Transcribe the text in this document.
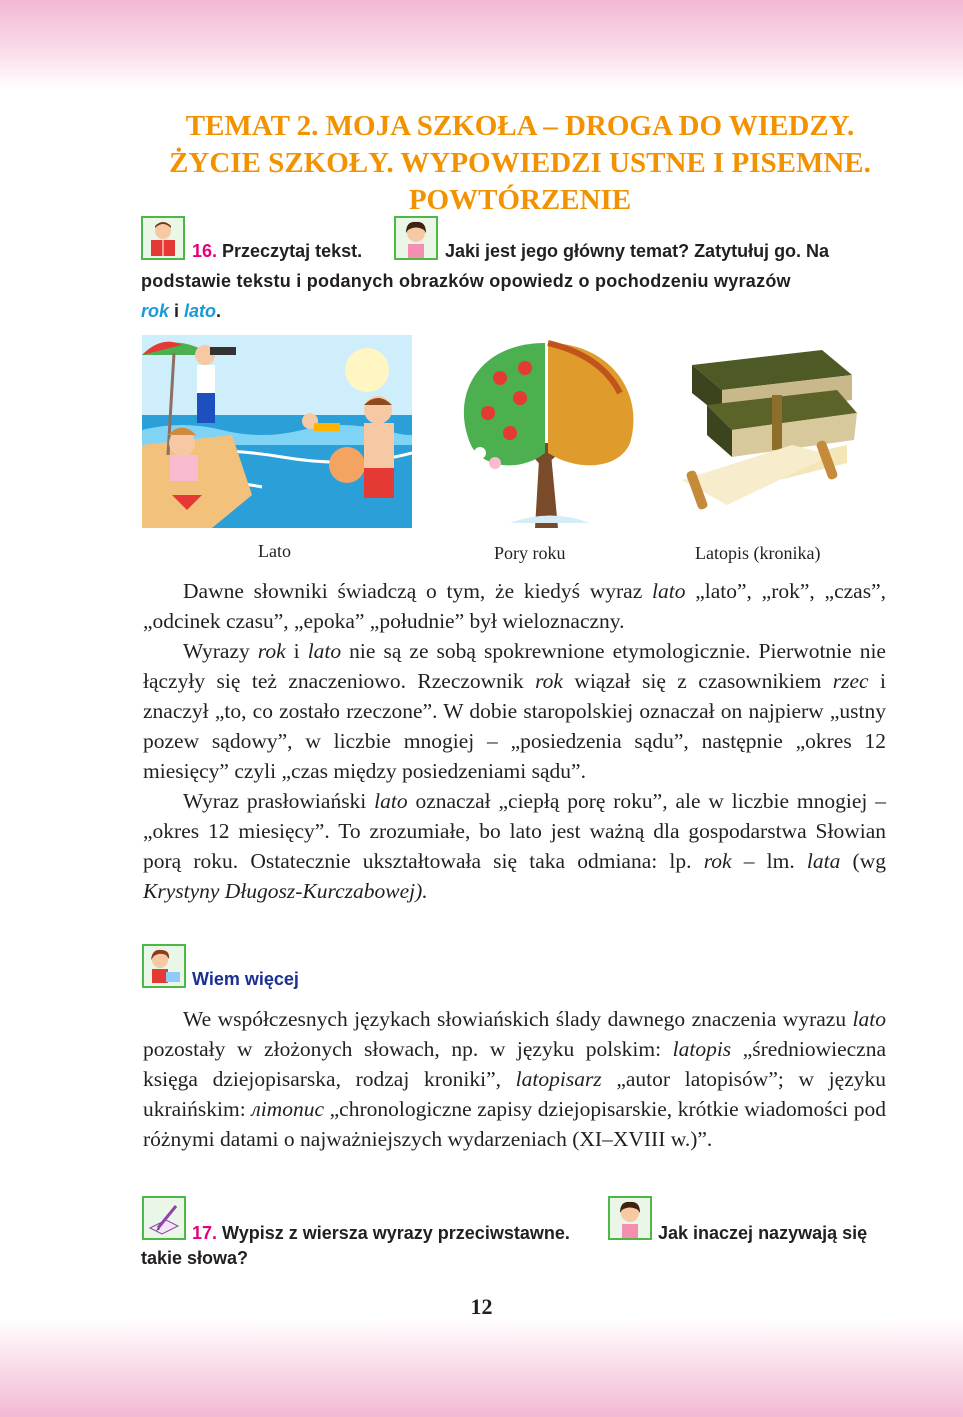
TEMAT 2. MOJA SZKOŁA – DROGA DO WIEDZY.
ŻYCIE SZKOŁY. WYPOWIEDZI USTNE I PISEMNE.
POWTÓRZENIE
16. Przeczytaj tekst.	Jaki jest jego główny temat? Zatytułuj go. Na
podstawie tekstu i podanych obrazków opowiedz o pochodzeniu wyrazów
rok i lato.
Lato	Pory roku	Latopis (kronika)

Dawne słowniki świadczą o tym, że kiedyś wyraz lato „lato”, „rok”, „czas”, „odcinek czasu”, „epoka” „południe” był wieloznaczny.

Wyrazy rok i lato nie są ze sobą spokrewnione etymologicznie. Pierwotnie nie łączyły się też znaczeniowo. Rzeczownik rok wiązał się z czasownikiem rzec i znaczył „to, co zostało rzeczone”. W dobie staropolskiej oznaczał on najpierw „ustny pozew sądowy”, w liczbie mnogiej – „posiedzenia sądu”, następnie „okres 12 miesięcy” czyli „czas między posiedzeniami sądu”.

Wyraz prasłowiański lato oznaczał „ciepłą porę roku”, ale w liczbie mnogiej – „okres 12 miesięcy”. To zrozumiałe, bo lato jest ważną dla gospodarstwa Słowian porą roku. Ostatecznie ukształtowała się taka odmiana: lp. rok – lm. lata (wg Krystyny Długosz-Kurczabowej).

Wiem więcej

We współczesnych językach słowiańskich ślady dawnego znaczenia wyrazu lato pozostały w złożonych słowach, np. w języku polskim: latopis „średniowieczna księga dziejopisarska, rodzaj kroniki”, latopisarz „autor latopisów”; w języku ukraińskim: літопис „chronologiczne zapisy dziejopisarskie, krótkie wiadomości pod różnymi datami o najważniejszych wydarzeniach (XI–XVIII w.)”.

17. Wypisz z wiersza wyrazy przeciwstawne.	Jak inaczej nazywają się
takie słowa?
12
